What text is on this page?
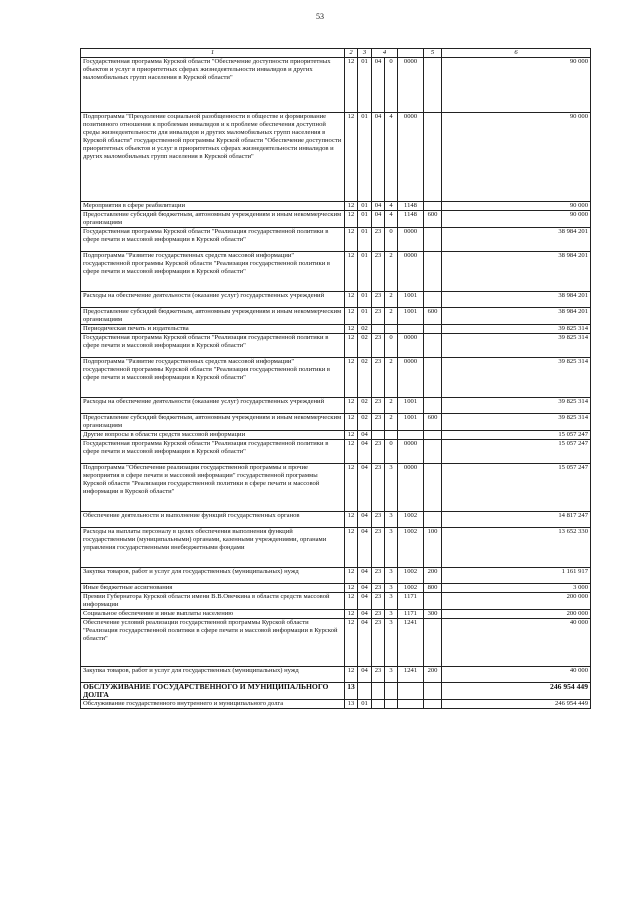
53
1	2	3	4			5	6
Государственная программа Курской области "Обеспечение доступности приоритетных объектов и услуг в приоритетных сферах жизнедеятельности инвалидов и других маломобильных групп населения в Курской области"	12	01	04	0	0000		90 000
Подпрограмма "Преодоление социальной разобщенности в обществе и формирование позитивного отношения к проблемам инвалидов и к проблеме обеспечения доступной среды жизнедеятельности для инвалидов и других маломобильных групп населения в Курской области" государственной программы Курской области "Обеспечение доступности приоритетных объектов и услуг в приоритетных сферах жизнедеятельности инвалидов и других маломобильных групп населения в Курской области"	12	01	04	4	0000		90 000
Мероприятия в сфере реабилитации	12	01	04	4	1148		90 000
Предоставление субсидий бюджетным, автономным учреждениям и иным некоммерческим организациям	12	01	04	4	1148	600	90 000
Государственная программа Курской области "Реализация государственной политики в сфере печати и массовой информации в Курской области"	12	01	23	0	0000		38 984 201
Подпрограмма "Развитие государственных средств массовой информации" государственной программы Курской области "Реализация государственной политики в сфере печати и массовой информации в Курской области"	12	01	23	2	0000		38 984 201
Расходы на обеспечение деятельности (оказание услуг) государственных учреждений	12	01	23	2	1001		38 984 201
Предоставление субсидий бюджетным, автономным учреждениям и иным некоммерческим организациям	12	01	23	2	1001	600	38 984 201
Периодическая печать и издательства	12	02					39 825 314
Государственная программа Курской области "Реализация государственной политики в сфере печати и массовой информации в Курской области"	12	02	23	0	0000		39 825 314
Подпрограмма "Развитие государственных средств массовой информации" государственной программы Курской области "Реализация государственной политики в сфере печати и массовой информации в Курской области"	12	02	23	2	0000		39 825 314
Расходы на обеспечение деятельности (оказание услуг) государственных учреждений	12	02	23	2	1001		39 825 314
Предоставление субсидий бюджетным, автономным учреждениям и иным некоммерческим организациям	12	02	23	2	1001	600	39 825 314
Другие вопросы в области средств массовой информации	12	04					15 057 247
Государственная программа Курской области "Реализация государственной политики в сфере печати и массовой информации в Курской области"	12	04	23	0	0000		15 057 247
Подпрограмма "Обеспечение реализации государственной программы и прочие мероприятия в сфере печати и массовой информации" государственной программы Курской области "Реализация государственной политики в сфере печати и массовой информации в Курской области"	12	04	23	3	0000		15 057 247
Обеспечение деятельности и выполнение функций государственных органов	12	04	23	3	1002		14 817 247
Расходы на выплаты персоналу в целях обеспечения выполнения функций государственными (муниципальными) органами, казенными учреждениями, органами управления государственными внебюджетными фондами	12	04	23	3	1002	100	13 652 330
Закупка товаров, работ и услуг для государственных (муниципальных) нужд	12	04	23	3	1002	200	1 161 917
Иные бюджетные ассигнования	12	04	23	3	1002	800	3 000
Премии Губернатора Курской области имени В.В.Овечкина в области средств массовой информации	12	04	23	3	1171		200 000
Социальное обеспечение и иные выплаты населению	12	04	23	3	1171	300	200 000
Обеспечение условий реализации государственной программы Курской области "Реализация государственной политики в сфере печати и массовой информации в Курской области"	12	04	23	3	1241		40 000
Закупка товаров, работ и услуг для государственных (муниципальных) нужд	12	04	23	3	1241	200	40 000
ОБСЛУЖИВАНИЕ ГОСУДАРСТВЕННОГО И МУНИЦИПАЛЬНОГО ДОЛГА	13						246 954 449
Обслуживание государственного внутреннего и муниципального долга	13	01					246 954 449
